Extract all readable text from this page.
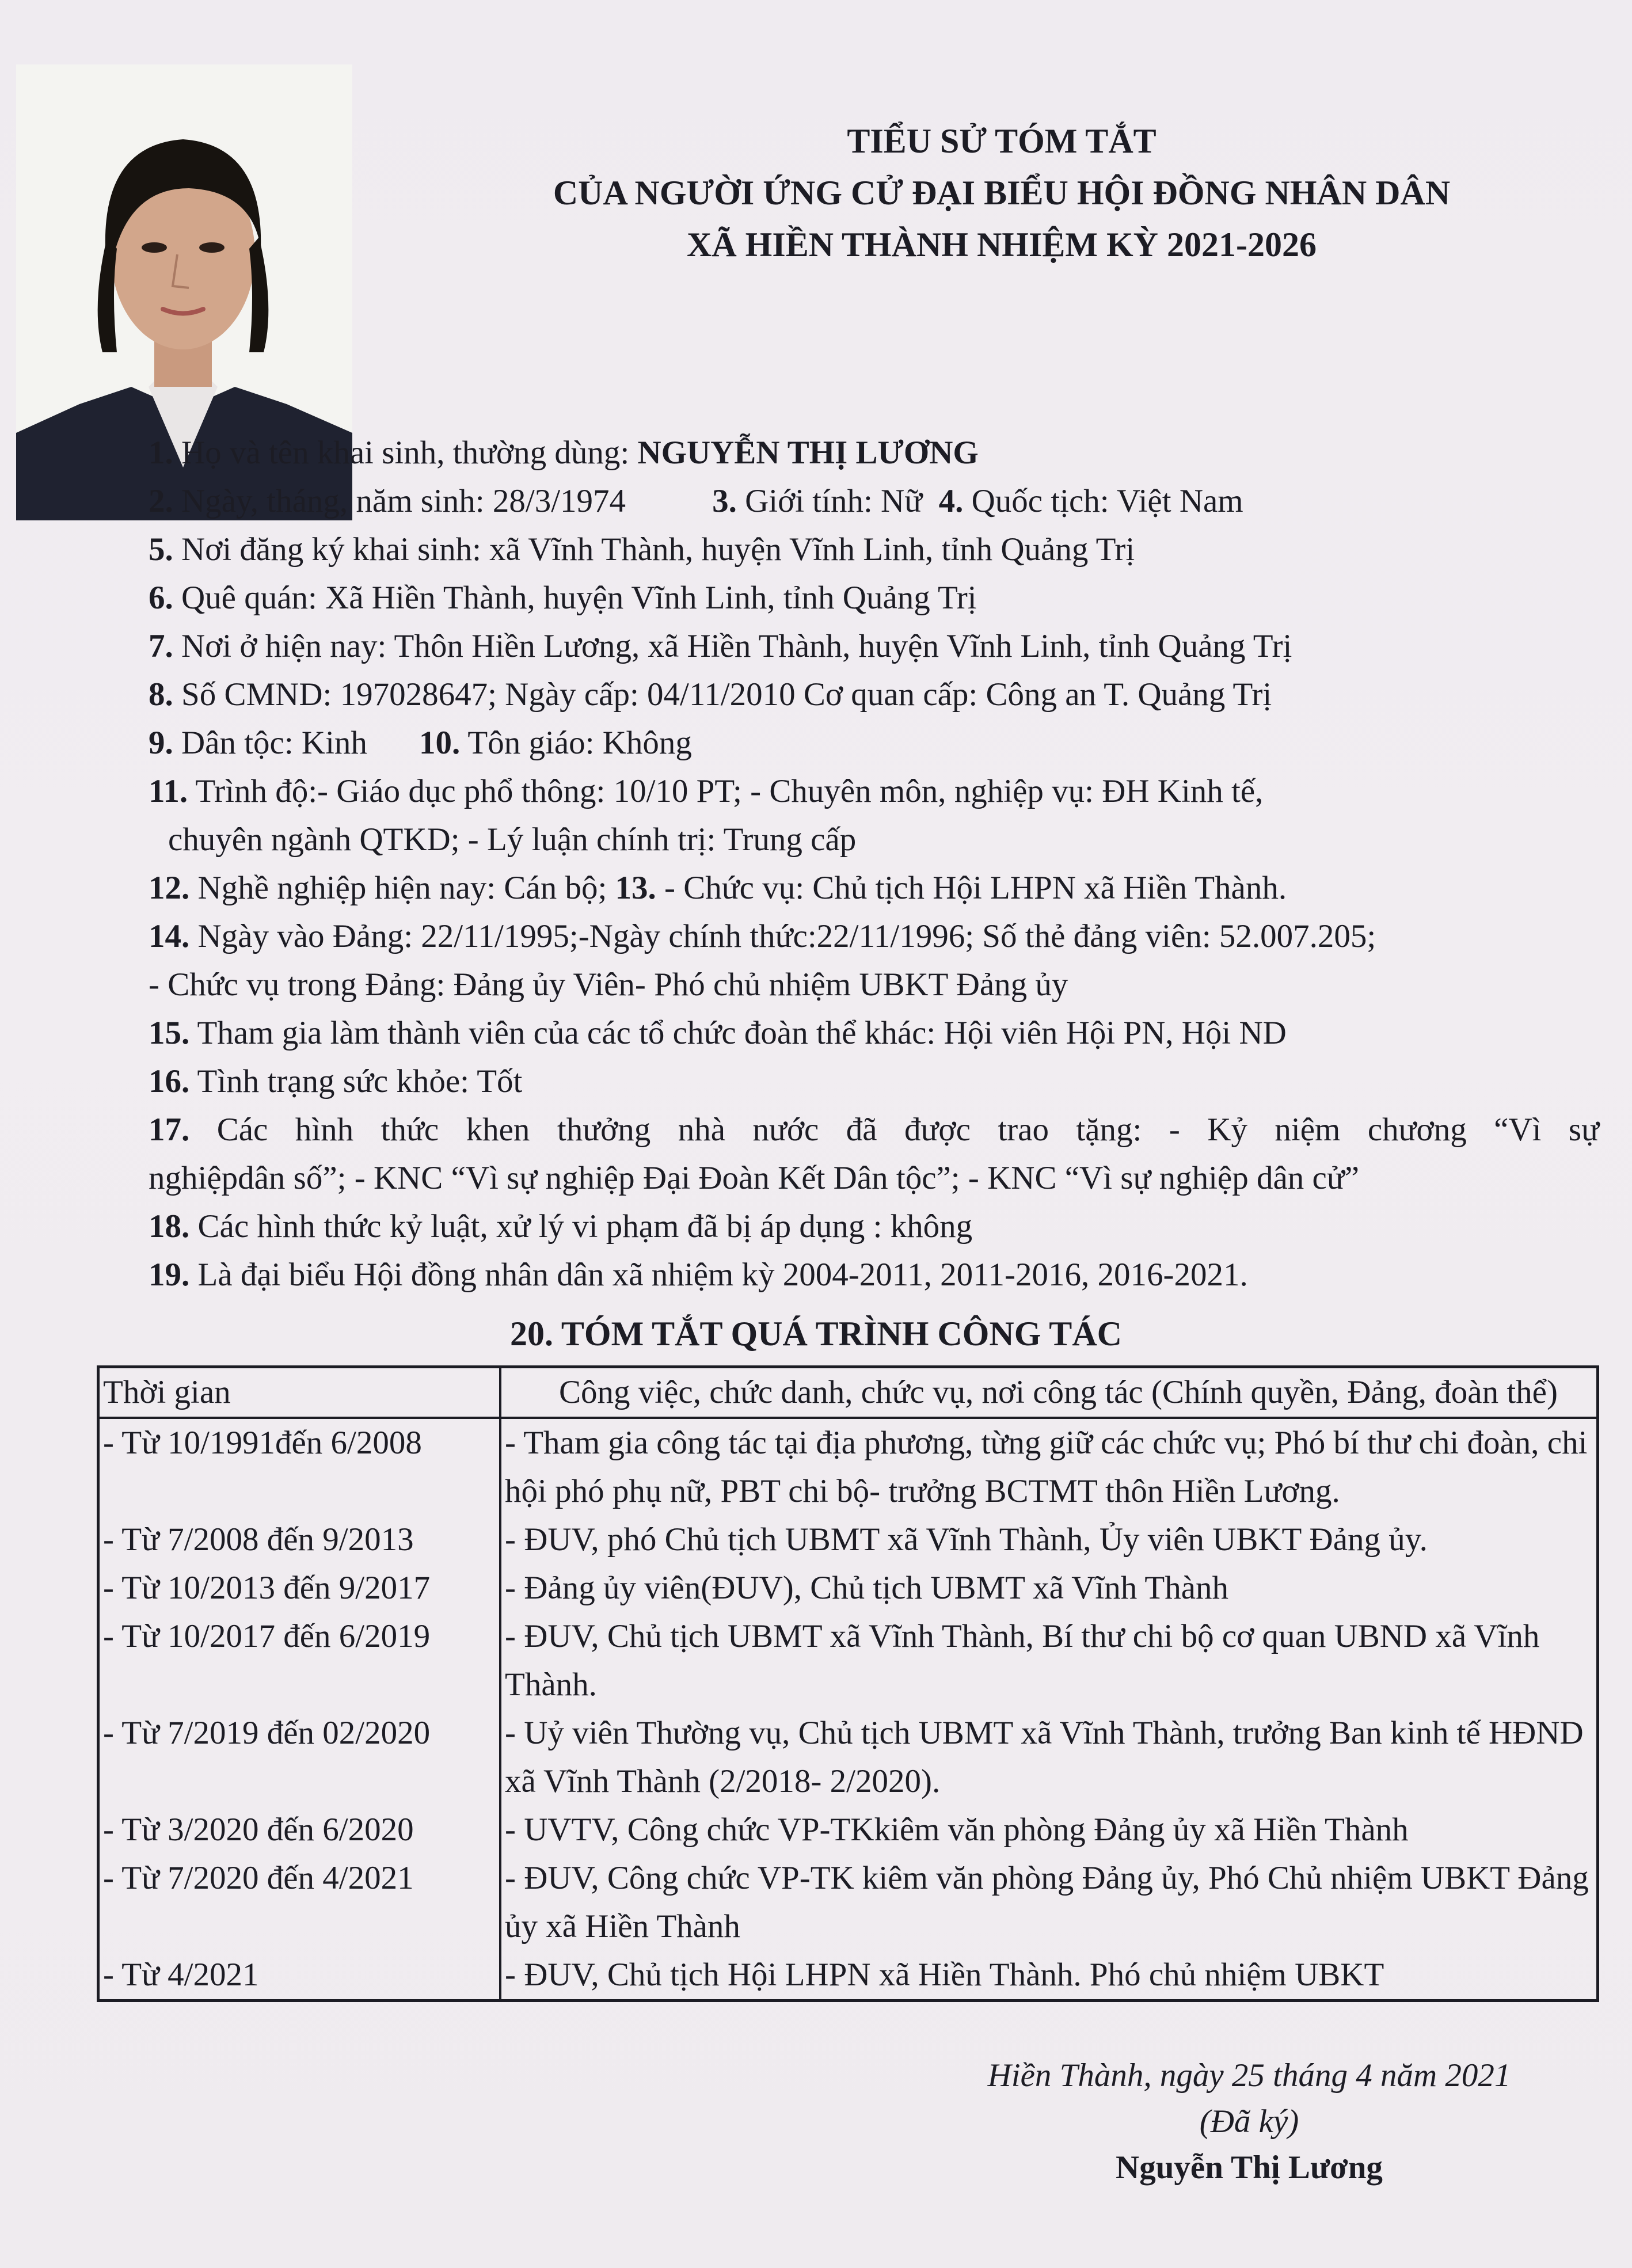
TIỂU SỬ TÓM TẮT
CỦA NGƯỜI ỨNG CỬ ĐẠI BIỂU HỘI ĐỒNG NHÂN DÂN
XÃ HIỀN THÀNH NHIỆM KỲ 2021-2026
1. Họ và tên khai sinh, thường dùng: NGUYỄN THỊ LƯƠNG
2. Ngày, tháng, năm sinh: 28/3/1974	3. Giới tính: Nữ 4. Quốc tịch: Việt Nam
5. Nơi đăng ký khai sinh: xã Vĩnh Thành, huyện Vĩnh Linh, tỉnh Quảng Trị
6. Quê quán: Xã Hiền Thành, huyện Vĩnh Linh, tỉnh Quảng Trị
7. Nơi ở hiện nay: Thôn Hiền Lương, xã Hiền Thành, huyện Vĩnh Linh, tỉnh Quảng Trị
8. Số CMND: 197028647; Ngày cấp: 04/11/2010 Cơ quan cấp: Công an T. Quảng Trị
9. Dân tộc: Kinh 10. Tôn giáo: Không
11. Trình độ:- Giáo dục phổ thông: 10/10 PT; - Chuyên môn, nghiệp vụ: ĐH Kinh tế,
chuyên ngành QTKD; - Lý luận chính trị: Trung cấp
12. Nghề nghiệp hiện nay: Cán bộ; 13. - Chức vụ: Chủ tịch Hội LHPN xã Hiền Thành.
14. Ngày vào Đảng: 22/11/1995;-Ngày chính thức:22/11/1996; Số thẻ đảng viên: 52.007.205;
- Chức vụ trong Đảng: Đảng ủy Viên- Phó chủ nhiệm UBKT Đảng ủy
15. Tham gia làm thành viên của các tổ chức đoàn thể khác: Hội viên Hội PN, Hội ND
16. Tình trạng sức khỏe: Tốt
17. Các hình thức khen thưởng nhà nước đã được trao tặng: - Kỷ niệm chương “Vì sự
nghiệpdân số”; - KNC “Vì sự nghiệp Đại Đoàn Kết Dân tộc”; - KNC “Vì sự nghiệp dân cử”
18. Các hình thức kỷ luật, xử lý vi phạm đã bị áp dụng : không
19. Là đại biểu Hội đồng nhân dân xã nhiệm kỳ 2004-2011, 2011-2016, 2016-2021.
20. TÓM TẮT QUÁ TRÌNH CÔNG TÁC
Thời gian	Công việc, chức danh, chức vụ, nơi công tác (Chính quyền, Đảng, đoàn thể)
- Từ 10/1991đến 6/2008	- Tham gia công tác tại địa phương, từng giữ các chức vụ; Phó bí thư chi đoàn, chi hội phó phụ nữ, PBT chi bộ- trưởng BCTMT thôn Hiền Lương.
- Từ 7/2008 đến 9/2013	- ĐUV, phó Chủ tịch UBMT xã Vĩnh Thành, Ủy viên UBKT Đảng ủy.
- Từ 10/2013 đến 9/2017	- Đảng ủy viên(ĐUV), Chủ tịch UBMT xã Vĩnh Thành
- Từ 10/2017 đến 6/2019	- ĐUV, Chủ tịch UBMT xã Vĩnh Thành, Bí thư chi bộ cơ quan UBND xã Vĩnh Thành.
- Từ 7/2019 đến 02/2020	- Uỷ viên Thường vụ, Chủ tịch UBMT xã Vĩnh Thành, trưởng Ban kinh tế HĐND xã Vĩnh Thành (2/2018- 2/2020).
- Từ 3/2020 đến 6/2020	- UVTV, Công chức VP-TKkiêm văn phòng Đảng ủy xã Hiền Thành
- Từ 7/2020 đến 4/2021	- ĐUV, Công chức VP-TK kiêm văn phòng Đảng ủy, Phó Chủ nhiệm UBKT Đảng ủy xã Hiền Thành
- Từ 4/2021	- ĐUV, Chủ tịch Hội LHPN xã Hiền Thành. Phó chủ nhiệm UBKT
Hiền Thành, ngày 25 tháng 4 năm 2021
(Đã ký)
Nguyễn Thị Lương
